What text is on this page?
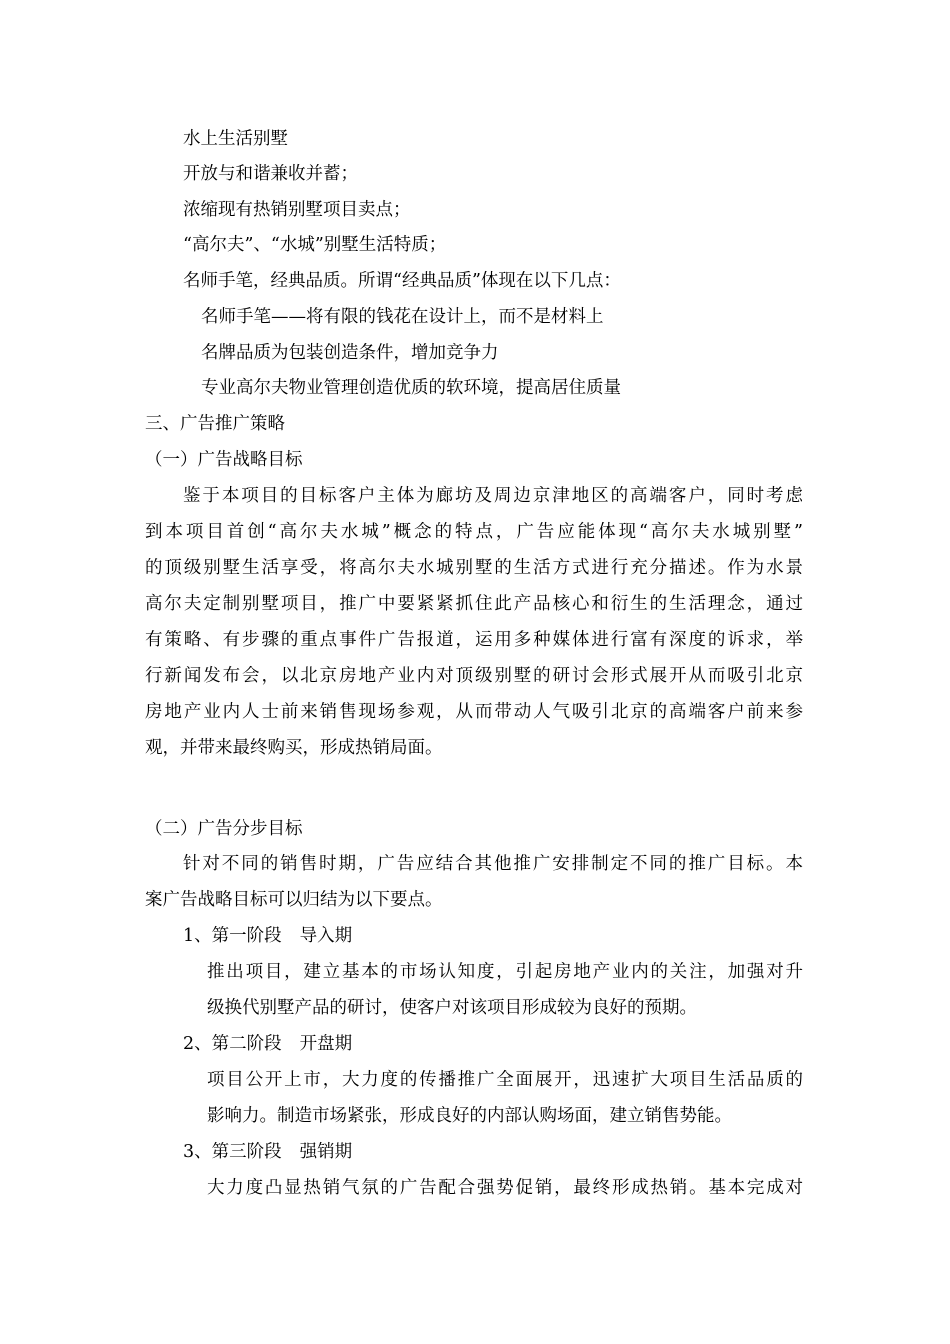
水上生活别墅
开放与和谐兼收并蓄；
浓缩现有热销别墅项目卖点；
“高尔夫”、“水城”别墅生活特质；
名师手笔，经典品质。所谓“经典品质”体现在以下几点：
名师手笔——将有限的钱花在设计上，而不是材料上
名牌品质为包装创造条件，增加竞争力
专业高尔夫物业管理创造优质的软环境，提高居住质量
三、广告推广策略
（一）广告战略目标
鉴于本项目的目标客户主体为廊坊及周边京津地区的高端客户，同时考虑
到本项目首创“高尔夫水城”概念的特点，广告应能体现“高尔夫水城别墅”
的顶级别墅生活享受，将高尔夫水城别墅的生活方式进行充分描述。作为水景
高尔夫定制别墅项目，推广中要紧紧抓住此产品核心和衍生的生活理念，通过
有策略、有步骤的重点事件广告报道，运用多种媒体进行富有深度的诉求，举
行新闻发布会，以北京房地产业内对顶级别墅的研讨会形式展开从而吸引北京
房地产业内人士前来销售现场参观，从而带动人气吸引北京的高端客户前来参
观，并带来最终购买，形成热销局面。
（二）广告分步目标
针对不同的销售时期，广告应结合其他推广安排制定不同的推广目标。本
案广告战略目标可以归结为以下要点。
1、第一阶段 导入期
推出项目，建立基本的市场认知度，引起房地产业内的关注，加强对升
级换代别墅产品的研讨，使客户对该项目形成较为良好的预期。
2、第二阶段 开盘期
项目公开上市，大力度的传播推广全面展开，迅速扩大项目生活品质的
影响力。制造市场紧张，形成良好的内部认购场面，建立销售势能。
3、第三阶段 强销期
大力度凸显热销气氛的广告配合强势促销，最终形成热销。基本完成对
